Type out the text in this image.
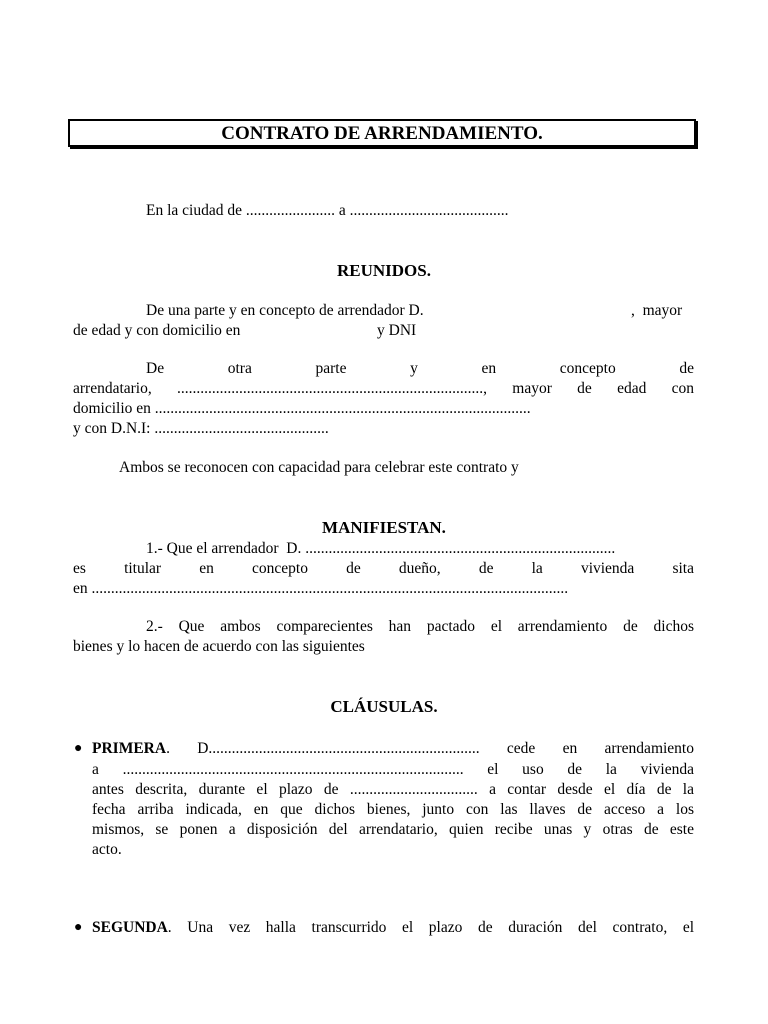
CONTRATO DE ARRENDAMIENTO.
En la ciudad de ....................... a .........................................
REUNIDOS.
De una parte y en concepto de arrendador D.	,  mayor
de edad y con domicilio en	y DNI
De otra parte y en concepto de
arrendatario, ..............................................................................., mayor de edad con
domicilio en .................................................................................................
y con D.N.I: .............................................
Ambos se reconocen con capacidad para celebrar este contrato y
MANIFIESTAN.
1.- Que el arrendador  D. ................................................................................
es titular en concepto de dueño, de la vivienda sita
en ...........................................................................................................................
2.- Que ambos comparecientes han pactado el arrendamiento de dichos
bienes y lo hacen de acuerdo con las siguientes
CLÁUSULAS.
● PRIMERA. D...................................................................... cede en arrendamiento
a ........................................................................................ el uso de la vivienda
antes descrita, durante el plazo de ................................. a contar desde el día de la
fecha arriba indicada, en que dichos bienes, junto con las llaves de acceso a los
mismos, se ponen a disposición del arrendatario, quien recibe unas y otras de este
acto.
● SEGUNDA. Una vez halla transcurrido el plazo de duración del contrato, el
